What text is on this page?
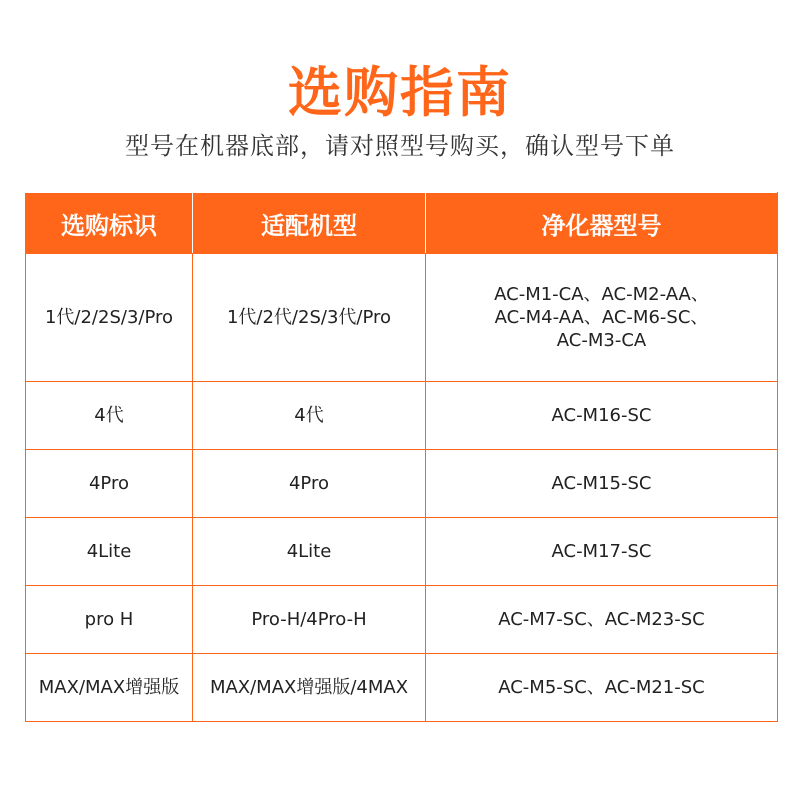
选购指南
型号在机器底部，请对照型号购买，确认型号下单
选购标识	适配机型	净化器型号
1代/2/2S/3/Pro	1代/2代/2S/3代/Pro	AC-M1-CA、AC-M2-AA、
AC-M4-AA、AC-M6-SC、
AC-M3-CA

4代	4代	AC-M16-SC

4Pro	4Pro	AC-M15-SC

4Lite	4Lite	AC-M17-SC

pro H	Pro-H/4Pro-H	AC-M7-SC、AC-M23-SC

MAX/MAX增强版	MAX/MAX增强版/4MAX	AC-M5-SC、AC-M21-SC
